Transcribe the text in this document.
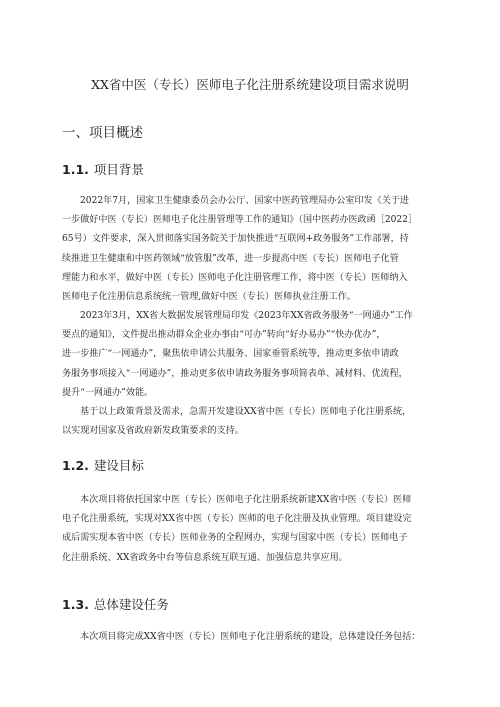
XX省中医（专长）医师电子化注册系统建设项目需求说明
一、项目概述
1.1. 项目背景
2022年7月，国家卫生健康委员会办公厅、国家中医药管理局办公室印发《关于进
一步做好中医（专长）医师电子化注册管理等工作的通知》（国中医药办医政函［2022］
65号）文件要求，深入贯彻落实国务院关于加快推进“互联网+政务服务”工作部署，持
续推进卫生健康和中医药领域“放管服”改革，进一步提高中医（专长）医师电子化管
理能力和水平，做好中医（专长）医师电子化注册管理工作，将中医（专长）医师纳入
医师电子化注册信息系统统一管理,做好中医（专长）医师执业注册工作。
2023年3月，XX省大数据发展管理局印发《2023年XX省政务服务“一网通办”工作
要点的通知》，文件提出推动群众企业办事由“可办”转向“好办易办”“快办优办”，
进一步推广“一网通办”，聚焦依申请公共服务、国家垂管系统等，推动更多依申请政
务服务事项接入“一网通办”，推动更多依申请政务服务事项简表单、减材料、优流程，
提升“一网通办”效能。
基于以上政策背景及需求，急需开发建设XX省中医（专长）医师电子化注册系统，
以实现对国家及省政府新发政策要求的支持。
1.2. 建设目标
本次项目将依托国家中医（专长）医师电子化注册系统新建XX省中医（专长）医师
电子化注册系统，实现对XX省中医（专长）医师的电子化注册及执业管理。项目建设完
成后需实现本省中医（专长）医师业务的全程网办，实现与国家中医（专长）医师电子
化注册系统、XX省政务中台等信息系统互联互通、加强信息共享应用。
1.3. 总体建设任务
本次项目将完成XX省中医（专长）医师电子化注册系统的建设，总体建设任务包括：
